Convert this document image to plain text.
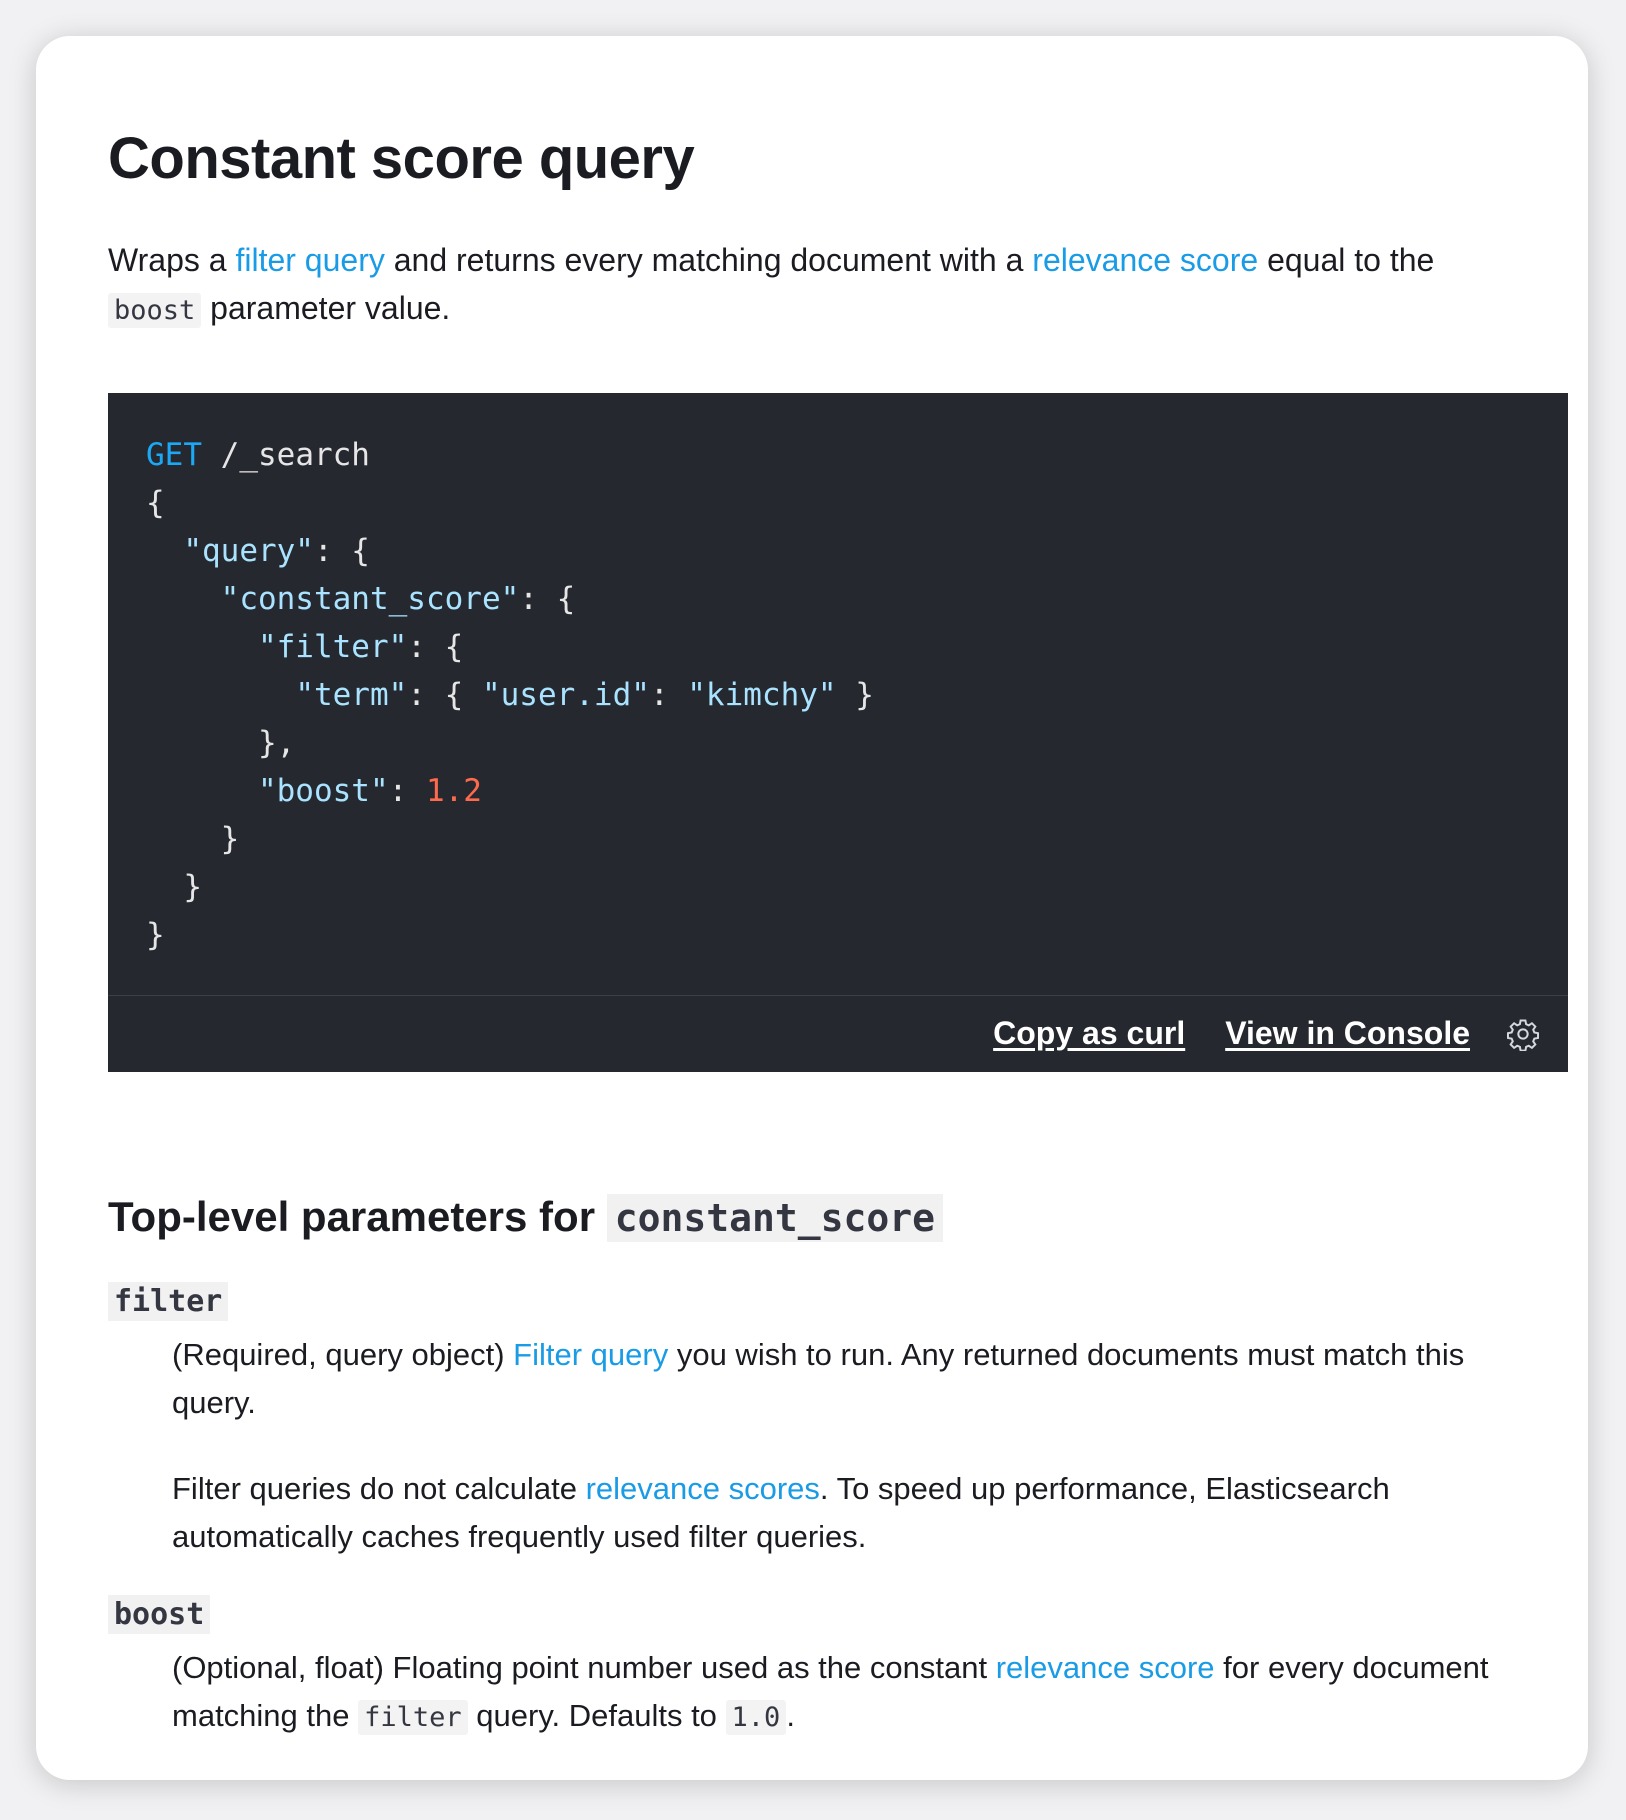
Constant score query

Wraps a filter query and returns every matching document with a relevance score equal to the
boost parameter value.

GET /_search
{
"query": {
"constant_score": {
"filter": {
"term": { "user.id": "kimchy" }
},
"boost": 1.2
}
}
}
Copy as curl View in Console
Top-level parameters for constant_score
filter

(Required, query object) Filter query you wish to run. Any returned documents must match this query.

Filter queries do not calculate relevance scores. To speed up performance, Elasticsearch automatically caches frequently used filter queries.

boost

(Optional, float) Floating point number used as the constant relevance score for every document matching the filter query. Defaults to 1.0 .
